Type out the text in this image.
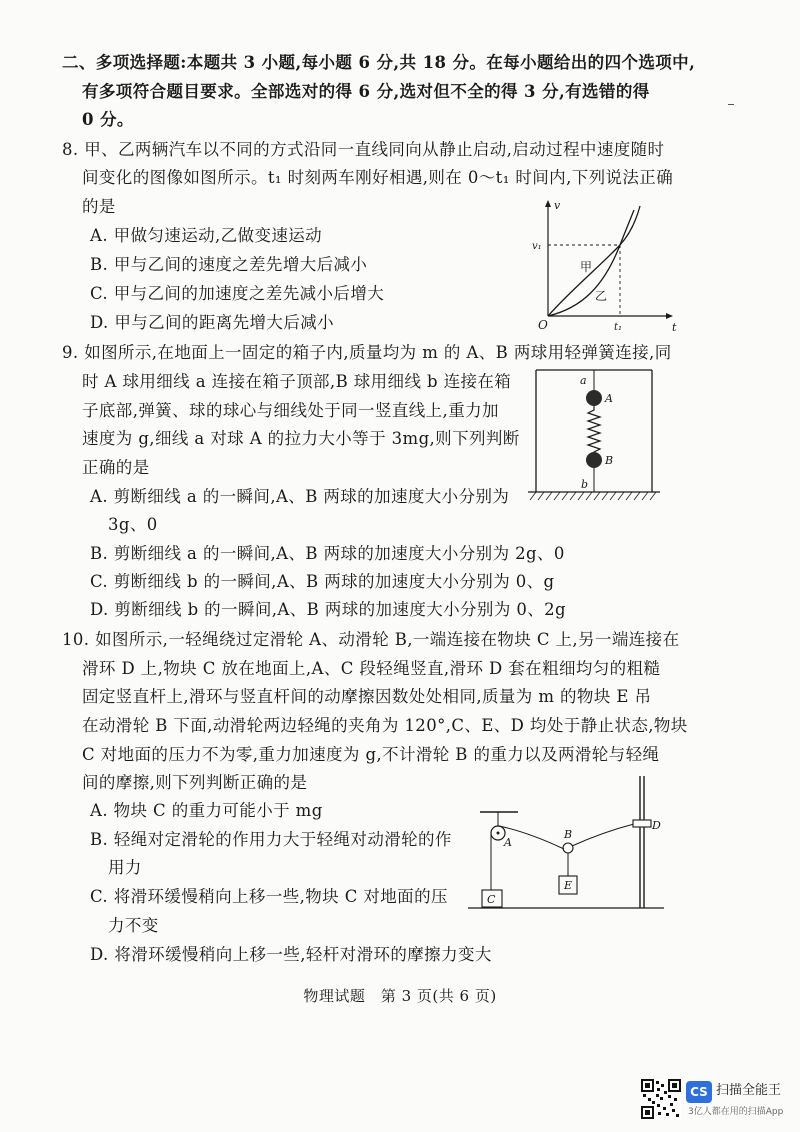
二、多项选择题:本题共 3 小题,每小题 6 分,共 18 分。在每小题给出的四个选项中,
有多项符合题目要求。全部选对的得 6 分,选对但不全的得 3 分,有选错的得
0 分。
8. 甲、乙两辆汽车以不同的方式沿同一直线同向从静止启动,启动过程中速度随时
间变化的图像如图所示。t₁ 时刻两车刚好相遇,则在 0～t₁ 时间内,下列说法正确
的是
A. 甲做匀速运动,乙做变速运动
B. 甲与乙间的速度之差先增大后减小
C. 甲与乙间的加速度之差先减小后增大
D. 甲与乙间的距离先增大后减小
v
t
O
v₁
t₁
甲
乙
9. 如图所示,在地面上一固定的箱子内,质量均为 m 的 A、B 两球用轻弹簧连接,同
时 A 球用细线 a 连接在箱子顶部,B 球用细线 b 连接在箱
子底部,弹簧、球的球心与细线处于同一竖直线上,重力加
速度为 g,细线 a 对球 A 的拉力大小等于 3mg,则下列判断
正确的是
A. 剪断细线 a 的一瞬间,A、B 两球的加速度大小分别为
3g、0
B. 剪断细线 a 的一瞬间,A、B 两球的加速度大小分别为 2g、0
C. 剪断细线 b 的一瞬间,A、B 两球的加速度大小分别为 0、g
D. 剪断细线 b 的一瞬间,A、B 两球的加速度大小分别为 0、2g
a
A
B
b
10. 如图所示,一轻绳绕过定滑轮 A、动滑轮 B,一端连接在物块 C 上,另一端连接在
滑环 D 上,物块 C 放在地面上,A、C 段轻绳竖直,滑环 D 套在粗细均匀的粗糙
固定竖直杆上,滑环与竖直杆间的动摩擦因数处处相同,质量为 m 的物块 E 吊
在动滑轮 B 下面,动滑轮两边轻绳的夹角为 120°,C、E、D 均处于静止状态,物块
C 对地面的压力不为零,重力加速度为 g,不计滑轮 B 的重力以及两滑轮与轻绳
间的摩擦,则下列判断正确的是
A. 物块 C 的重力可能小于 mg
B. 轻绳对定滑轮的作用力大于轻绳对动滑轮的作
用力
C. 将滑环缓慢稍向上移一些,物块 C 对地面的压
力不变
D. 将滑环缓慢稍向上移一些,轻杆对滑环的摩擦力变大
A
B
C
D
E
物理试题　第 3 页(共 6 页)
CS 扫描全能王
3亿人都在用的扫描App
